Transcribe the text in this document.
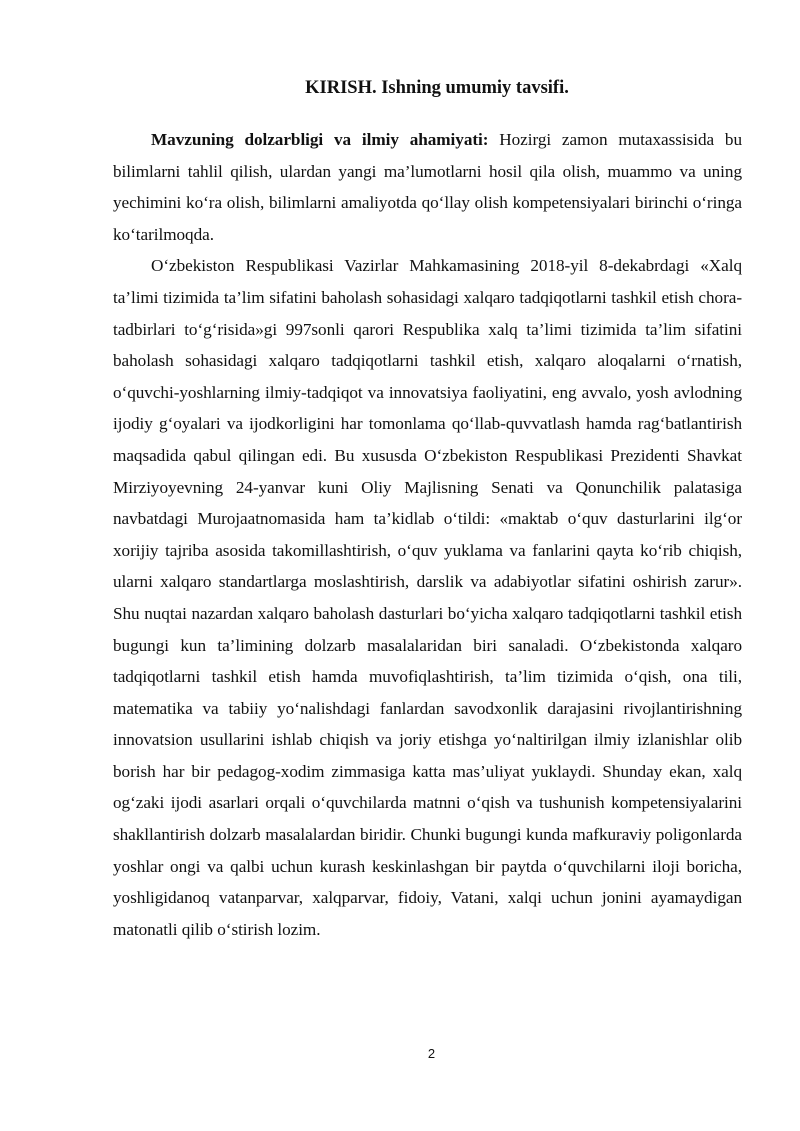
KIRISH. Ishning umumiy tavsifi.

Mavzuning dolzarbligi va ilmiy ahamiyati: Hozirgi zamon mutaxassisida bu bilimlarni tahlil qilish, ulardan yangi ma’lumotlarni hosil qila olish, muammo va uning yechimini ko‘ra olish, bilimlarni amaliyotda qo‘llay olish kompetensiyalari birinchi o‘ringa ko‘tarilmoqda.

O‘zbekiston Respublikasi Vazirlar Mahkamasining 2018-yil 8-dekabrdagi «Xalq ta’limi tizimida ta’lim sifatini baholash sohasidagi xalqaro tadqiqotlarni tashkil etish chora-tadbirlari to‘g‘risida»gi 997sonli qarori Respublika xalq ta’limi tizimida ta’lim sifatini baholash sohasidagi xalqaro tadqiqotlarni tashkil etish, xalqaro aloqalarni o‘rnatish, o‘quvchi-yoshlarning ilmiy-tadqiqot va innovatsiya faoliyatini, eng avvalo, yosh avlodning ijodiy g‘oyalari va ijodkorligini har tomonlama qo‘llab-quvvatlash hamda rag‘batlantirish maqsadida qabul qilingan edi. Bu xususda O‘zbekiston Respublikasi Prezidenti Shavkat Mirziyoyevning 24-yanvar kuni Oliy Majlisning Senati va Qonunchilik palatasiga navbatdagi Murojaatnomasida ham ta’kidlab o‘tildi: «maktab o‘quv dasturlarini ilg‘or xorijiy tajriba asosida takomillashtirish, o‘quv yuklama va fanlarini qayta ko‘rib chiqish, ularni xalqaro standartlarga moslashtirish, darslik va adabiyotlar sifatini oshirish zarur». Shu nuqtai nazardan xalqaro baholash dasturlari bo‘yicha xalqaro tadqiqotlarni tashkil etish bugungi kun ta’limining dolzarb masalalaridan biri sanaladi. O‘zbekistonda xalqaro tadqiqotlarni tashkil etish hamda muvofiqlashtirish, ta’lim tizimida o‘qish, ona tili, matematika va tabiiy yo‘nalishdagi fanlardan savodxonlik darajasini rivojlantirishning innovatsion usullarini ishlab chiqish va joriy etishga yo‘naltirilgan ilmiy izlanishlar olib borish har bir pedagog-xodim zimmasiga katta mas’uliyat yuklaydi. Shunday ekan, xalq og‘zaki ijodi asarlari orqali o‘quvchilarda matnni o‘qish va tushunish kompetensiyalarini shakllantirish dolzarb masalalardan biridir. Chunki bugungi kunda mafkuraviy poligonlarda yoshlar ongi va qalbi uchun kurash keskinlashgan bir paytda o‘quvchilarni iloji boricha, yoshligidanoq vatanparvar, xalqparvar, fidoiy, Vatani, xalqi uchun jonini ayamaydigan matonatli qilib o‘stirish lozim.

2
